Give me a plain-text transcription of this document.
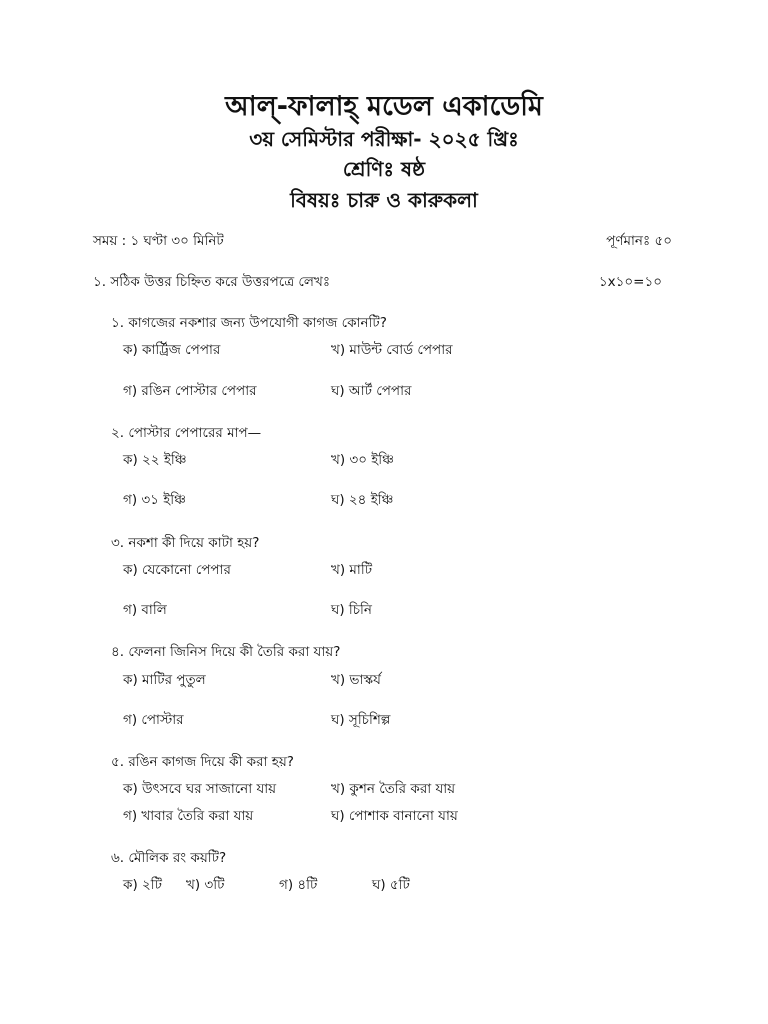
আল্-ফালাহ্ মডেল একাডেমি
৩য় সেমিস্টার পরীক্ষা- ২০২৫ খ্রিঃ
শ্রেণিঃ ষষ্ঠ
বিষয়ঃ চারু ও কারুকলা
সময় : ১ ঘণ্টা ৩০ মিনিট	পূর্ণমানঃ ৫০
১. সঠিক উত্তর চিহ্নিত করে উত্তরপত্রে লেখঃ	১x১০=১০
১. কাগজের নকশার জন্য উপযোগী কাগজ কোনটি?
ক) কার্ট্রিজ পেপার	খ) মাউন্ট বোর্ড পেপার
গ) রঙিন পোস্টার পেপার	ঘ) আর্ট পেপার
২. পোস্টার পেপারের মাপ—
ক) ২২ ইঞ্চি	খ) ৩০ ইঞ্চি
গ) ৩১ ইঞ্চি	ঘ) ২৪ ইঞ্চি
৩. নকশা কী দিয়ে কাটা হয়?
ক) যেকোনো পেপার	খ) মাটি
গ) বালি	ঘ) চিনি
৪. ফেলনা জিনিস দিয়ে কী তৈরি করা যায়?
ক) মাটির পুতুল	খ) ভাস্কর্য
গ) পোস্টার	ঘ) সূচিশিল্প
৫. রঙিন কাগজ দিয়ে কী করা হয়?
ক) উৎসবে ঘর সাজানো যায়	খ) কুশন তৈরি করা যায়
গ) খাবার তৈরি করা যায়	ঘ) পোশাক বানানো যায়
৬. মৌলিক রং কয়টি?
ক) ২টি খ) ৩টি	গ) ৪টি	ঘ) ৫টি
